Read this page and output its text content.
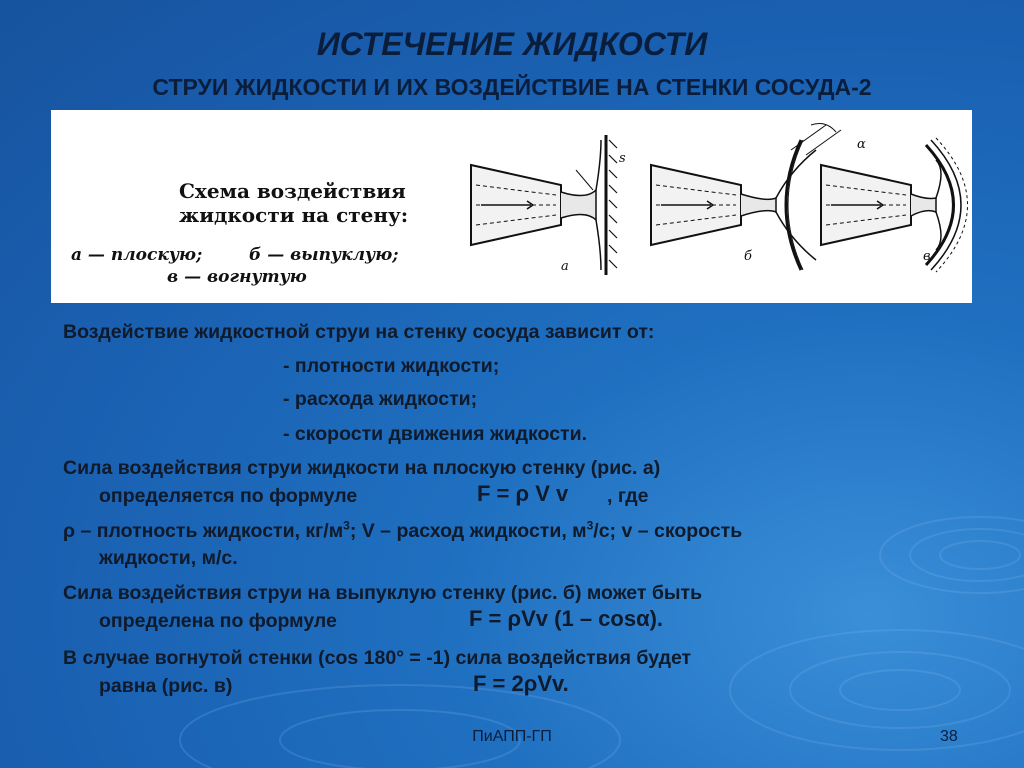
ИСТЕЧЕНИЕ ЖИДКОСТИ
СТРУИ ЖИДКОСТИ И ИХ ВОЗДЕЙСТВИЕ НА СТЕНКИ СОСУДА-2
Схема воздействия
жидкости на стену:
а — плоскую;	б — выпуклую;
в — вогнутую
а
б	в
s
α
Воздействие жидкостной струи на стенку сосуда зависит от:
- плотности жидкости;
- расхода жидкости;
- скорости движения жидкости.
Сила воздействия струи жидкости на плоскую стенку (рис. а)
определяется по формуле	F = ρ V v , где
ρ – плотность жидкости, $кг/м^3$; V – расход жидкости, $м^3/с$; v – скорость
жидкости, м/с.
Сила воздействия струи на выпуклую стенку (рис. б) может быть
определена по формуле	F = ρVv (1 – cosα).
В случае вогнутой стенки (cos 180° = -1) сила воздействия будет
равна (рис. в)	F = 2ρVv.
ПиАПП-ГП	38
